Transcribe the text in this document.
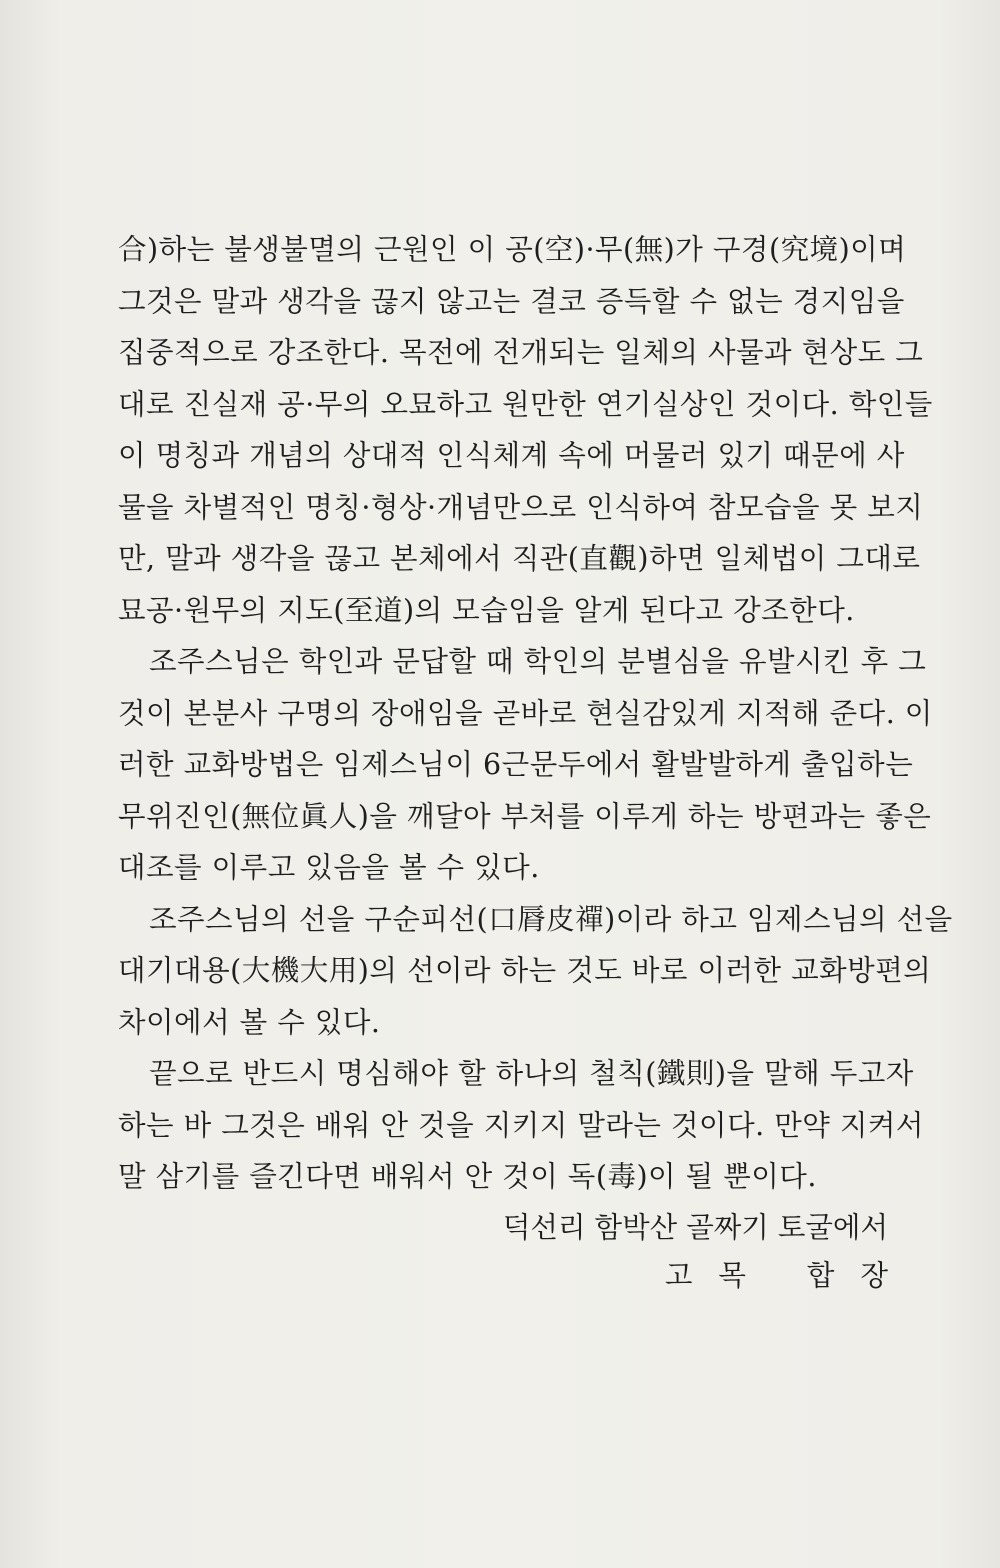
合)하는 불생불멸의 근원인 이 공(空)·무(無)가 구경(究境)이며
그것은 말과 생각을 끊지 않고는 결코 증득할 수 없는 경지임을
집중적으로 강조한다. 목전에 전개되는 일체의 사물과 현상도 그
대로 진실재 공·무의 오묘하고 원만한 연기실상인 것이다. 학인들
이 명칭과 개념의 상대적 인식체계 속에 머물러 있기 때문에 사
물을 차별적인 명칭·형상·개념만으로 인식하여 참모습을 못 보지
만, 말과 생각을 끊고 본체에서 직관(直觀)하면 일체법이 그대로
묘공·원무의 지도(至道)의 모습임을 알게 된다고 강조한다.
조주스님은 학인과 문답할 때 학인의 분별심을 유발시킨 후 그
것이 본분사 구명의 장애임을 곧바로 현실감있게 지적해 준다. 이
러한 교화방법은 임제스님이 6근문두에서 활발발하게 출입하는
무위진인(無位眞人)을 깨달아 부처를 이루게 하는 방편과는 좋은
대조를 이루고 있음을 볼 수 있다.
조주스님의 선을 구순피선(口脣皮禪)이라 하고 임제스님의 선을
대기대용(大機大用)의 선이라 하는 것도 바로 이러한 교화방편의
차이에서 볼 수 있다.
끝으로 반드시 명심해야 할 하나의 철칙(鐵則)을 말해 두고자
하는 바 그것은 배워 안 것을 지키지 말라는 것이다. 만약 지켜서
말 삼기를 즐긴다면 배워서 안 것이 독(毒)이 될 뿐이다.
덕선리 함박산 골짜기 토굴에서
고목 합장
